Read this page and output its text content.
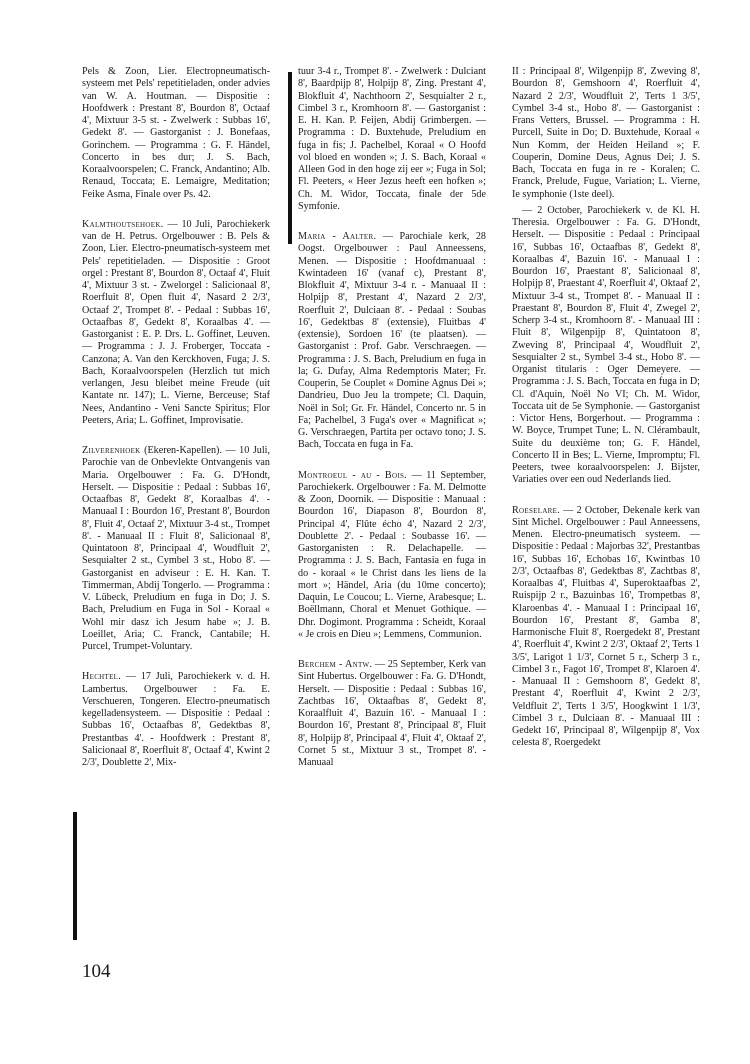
Pels & Zoon, Lier. Electropneumatisch-systeem met Pels' repetitieladen, onder advies van W. A. Houtman. — Dispositie : Hoofdwerk : Prestant 8', Bourdon 8', Octaaf 4', Mixtuur 3-5 st. - Zwelwerk : Subbas 16', Gedekt 8'. — Gastorganist : J. Bonefaas, Gorinchem. — Programma : G. F. Händel, Concerto in bes dur; J. S. Bach, Koraalvoorspelen; C. Franck, Andantino; Alb. Renaud, Toccata; E. Lemaigre, Meditation; Feike Asma, Finale over Ps. 42.

Kalmthoutsehoek. — 10 Juli, Parochiekerk van de H. Petrus. Orgelbouwer : B. Pels & Zoon, Lier. Electro-pneumatisch-systeem met Pels' repetitieladen. — Dispositie : Groot orgel : Prestant 8', Bourdon 8', Octaaf 4', Fluit 4', Mixtuur 3 st. - Zwelorgel : Salicionaal 8', Roerfluit 8', Open fluit 4', Nasard 2 2/3', Octaaf 2', Trompet 8'. - Pedaal : Subbas 16', Octaafbas 8', Gedekt 8', Koraalbas 4'. — Gastorganist : E. P. Drs. L. Goffinet, Leuven. — Programma : J. J. Froberger, Toccata - Canzona; A. Van den Kerckhoven, Fuga; J. S. Bach, Koraalvoorspelen (Herzlich tut mich verlangen, Jesu bleibet meine Freude (uit Kantate nr. 147); L. Vierne, Berceuse; Staf Nees, Andantino - Veni Sancte Spiritus; Flor Peeters, Aria; L. Goffinet, Improvisatie.

Zilverenhoek (Ekeren-Kapellen). — 10 Juli, Parochie van de Onbevlekte Ontvangenis van Maria. Orgelbouwer : Fa. G. D'Hondt, Herselt. — Dispositie : Pedaal : Subbas 16', Octaafbas 8', Gedekt 8', Koraalbas 4'. - Manuaal I : Bourdon 16', Prestant 8', Bourdon 8', Fluit 4', Octaaf 2', Mixtuur 3-4 st., Trompet 8'. - Manuaal II : Fluit 8', Salicionaal 8', Quintatoon 8', Principaal 4', Woudfluit 2', Sesquialter 2 st., Cymbel 3 st., Hobo 8'. — Gastorganist en adviseur : E. H. Kan. T. Timmerman, Abdij Tongerlo. — Programma : V. Lübeck, Preludium en fuga in Do; J. S. Bach, Preludium en Fuga in Sol - Koraal « Wohl mir dasz ich Jesum habe »; J. B. Loeillet, Aria; C. Franck, Cantabile; H. Purcel, Trumpet-Voluntary.

Hechtel. — 17 Juli, Parochiekerk v. d. H. Lambertus. Orgelbouwer : Fa. E. Verschueren, Tongeren. Electro-pneumatisch kegelladensysteem. — Dispositie : Pedaal : Subbas 16', Octaafbas 8', Gedektbas 8', Prestantbas 4'. - Hoofdwerk : Prestant 8', Salicionaal 8', Roerfluit 8', Octaaf 4', Kwint 2 2/3', Doublette 2', Mix-

tuur 3-4 r., Trompet 8'. - Zwelwerk : Dulciant 8', Baardpijp 8', Holpijp 8', Zing. Prestant 4', Blokfluit 4', Nachthoorn 2', Sesquialter 2 r., Cimbel 3 r., Kromhoorn 8'. — Gastorganist : E. H. Kan. P. Feijen, Abdij Grimbergen. — Programma : D. Buxtehude, Preludium en fuga in fis; J. Pachelbel, Koraal « O Hoofd vol bloed en wonden »; J. S. Bach, Koraal « Alleen God in den hoge zij eer »; Fuga in Sol; Fl. Peeters, « Heer Jezus heeft een hofken »; Ch. M. Widor, Toccata, finale der 5de Symfonie.

Maria - Aalter. — Parochiale kerk, 28 Oogst. Orgelbouwer : Paul Anneessens, Menen. — Dispositie : Hoofdmanuaal : Kwintadeen 16' (vanaf c), Prestant 8', Blokfluit 4', Mixtuur 3-4 r. - Manuaal II : Holpijp 8', Prestant 4', Nazard 2 2/3', Roerfluit 2', Dulciaan 8'. - Pedaal : Soubas 16', Gedektbas 8' (extensie), Fluitbas 4' (extensie), Sordoen 16' (te plaatsen). — Gastorganist : Prof. Gabr. Verschraegen. — Programma : J. S. Bach, Preludium en fuga in la; G. Dufay, Alma Redemptoris Mater; Fr. Couperin, 5e Couplet « Domine Agnus Dei »; Dandrieu, Duo Jeu la trompete; Cl. Daquin, Noël in Sol; Gr. Fr. Händel, Concerto nr. 5 in Fa; Pachelbel, 3 Fuga's over « Magnificat »; G. Verschraegen, Partita per octavo tono; J. S. Bach, Toccata en fuga in Fa.

Montroeul - au - Bois. — 11 September, Parochiekerk. Orgelbouwer : Fa. M. Delmotte & Zoon, Doornik. — Dispositie : Manuaal : Bourdon 16', Diapason 8', Bourdon 8', Principal 4', Flûte écho 4', Nazard 2 2/3', Doublette 2'. - Pedaal : Soubasse 16'. — Gastorganisten : R. Delachapelle. — Programma : J. S. Bach, Fantasia en fuga in do - koraal « le Christ dans les liens de la mort »; Händel, Aria (du 10me concerto); Daquin, Le Coucou; L. Vierne, Arabesque; L. Boëllmann, Choral et Menuet Gothique. — Dhr. Dogimont. Programma : Scheidt, Koraal « Je crois en Dieu »; Lemmens, Communion.

Berchem - Antw. — 25 September, Kerk van Sint Hubertus. Orgelbouwer : Fa. G. D'Hondt, Herselt. — Dispositie : Pedaal : Subbas 16', Zachtbas 16', Oktaafbas 8', Gedekt 8', Koraalfluit 4', Bazuin 16'. - Manuaal I : Bourdon 16', Prestant 8', Principaal 8', Fluit 8', Holpijp 8', Principaal 4', Fluit 4', Oktaaf 2', Cornet 5 st., Mixtuur 3 st., Trompet 8'. - Manuaal

II : Principaal 8', Wilgenpijp 8', Zweving 8', Bourdon 8', Gemshoorn 4', Roerfluit 4', Nazard 2 2/3', Woudfluit 2', Terts 1 3/5', Cymbel 3-4 st., Hobo 8'. — Gastorganist : Frans Vetters, Brussel. — Programma : H. Purcell, Suite in Do; D. Buxtehude, Koraal « Nun Komm, der Heiden Heiland »; F. Couperin, Domine Deus, Agnus Dei; J. S. Bach, Toccata en fuga in re - Koralen; C. Franck, Prelude, Fugue, Variation; L. Vierne, Ie symphonie (1ste deel).

— 2 October, Parochiekerk v. de Kl. H. Theresia. Orgelbouwer : Fa. G. D'Hondt, Herselt. — Dispositie : Pedaal : Principaal 16', Subbas 16', Octaafbas 8', Gedekt 8', Koraalbas 4', Bazuin 16'. - Manuaal I : Bourdon 16', Praestant 8', Salicionaal 8', Holpijp 8', Praestant 4', Roerfluit 4', Oktaaf 2', Mixtuur 3-4 st., Trompet 8'. - Manuaal II : Praestant 8', Bourdon 8', Fluit 4', Zwegel 2', Scherp 3-4 st., Kromhoorn 8'. - Manuaal III : Fluit 8', Wilgenpijp 8', Quintatoon 8', Zweving 8', Principaal 4', Woudfluit 2', Sesquialter 2 st., Symbel 3-4 st., Hobo 8'. — Organist titularis : Oger Demeyere. — Programma : J. S. Bach, Toccata en fuga in D; Cl. d'Aquin, Noël No VI; Ch. M. Widor, Toccata uit de 5e Symphonie. — Gastorganist : Victor Hens, Borgerhout. — Programma : W. Boyce, Trumpet Tune; L. N. Clérambault, Suite du deuxième ton; G. F. Händel, Concerto II in Bes; L. Vierne, Impromptu; Fl. Peeters, twee koraalvoorspelen: J. Bijster, Variaties over een oud Nederlands lied.

Roeselare. — 2 October, Dekenale kerk van Sint Michel. Orgelbouwer : Paul Anneessens, Menen. Electro-pneumatisch systeem. — Dispositie : Pedaal : Majorbas 32', Prestantbas 16', Subbas 16', Echobas 16', Kwintbas 10 2/3', Octaafbas 8', Gedektbas 8', Zachtbas 8', Koraalbas 4', Fluitbas 4', Superoktaafbas 2', Ruispijp 2 r., Bazuinbas 16', Trompetbas 8', Klaroenbas 4'. - Manuaal I : Principaal 16', Bourdon 16', Prestant 8', Gamba 8', Harmonische Fluit 8', Roergedekt 8', Prestant 4', Roerfluit 4', Kwint 2 2/3', Oktaaf 2', Terts 1 3/5', Larigot 1 1/3', Cornet 5 r., Scherp 3 r., Cimbel 3 r., Fagot 16', Trompet 8', Klaroen 4'. - Manuaal II : Gemshoorn 8', Gedekt 8', Prestant 4', Roerfluit 4', Kwint 2 2/3', Veldfluit 2', Terts 1 3/5', Hoogkwint 1 1/3', Cimbel 3 r., Dulciaan 8'. - Manuaal III : Gedekt 16', Principaal 8', Wilgenpijp 8', Vox celesta 8', Roergedekt

104
